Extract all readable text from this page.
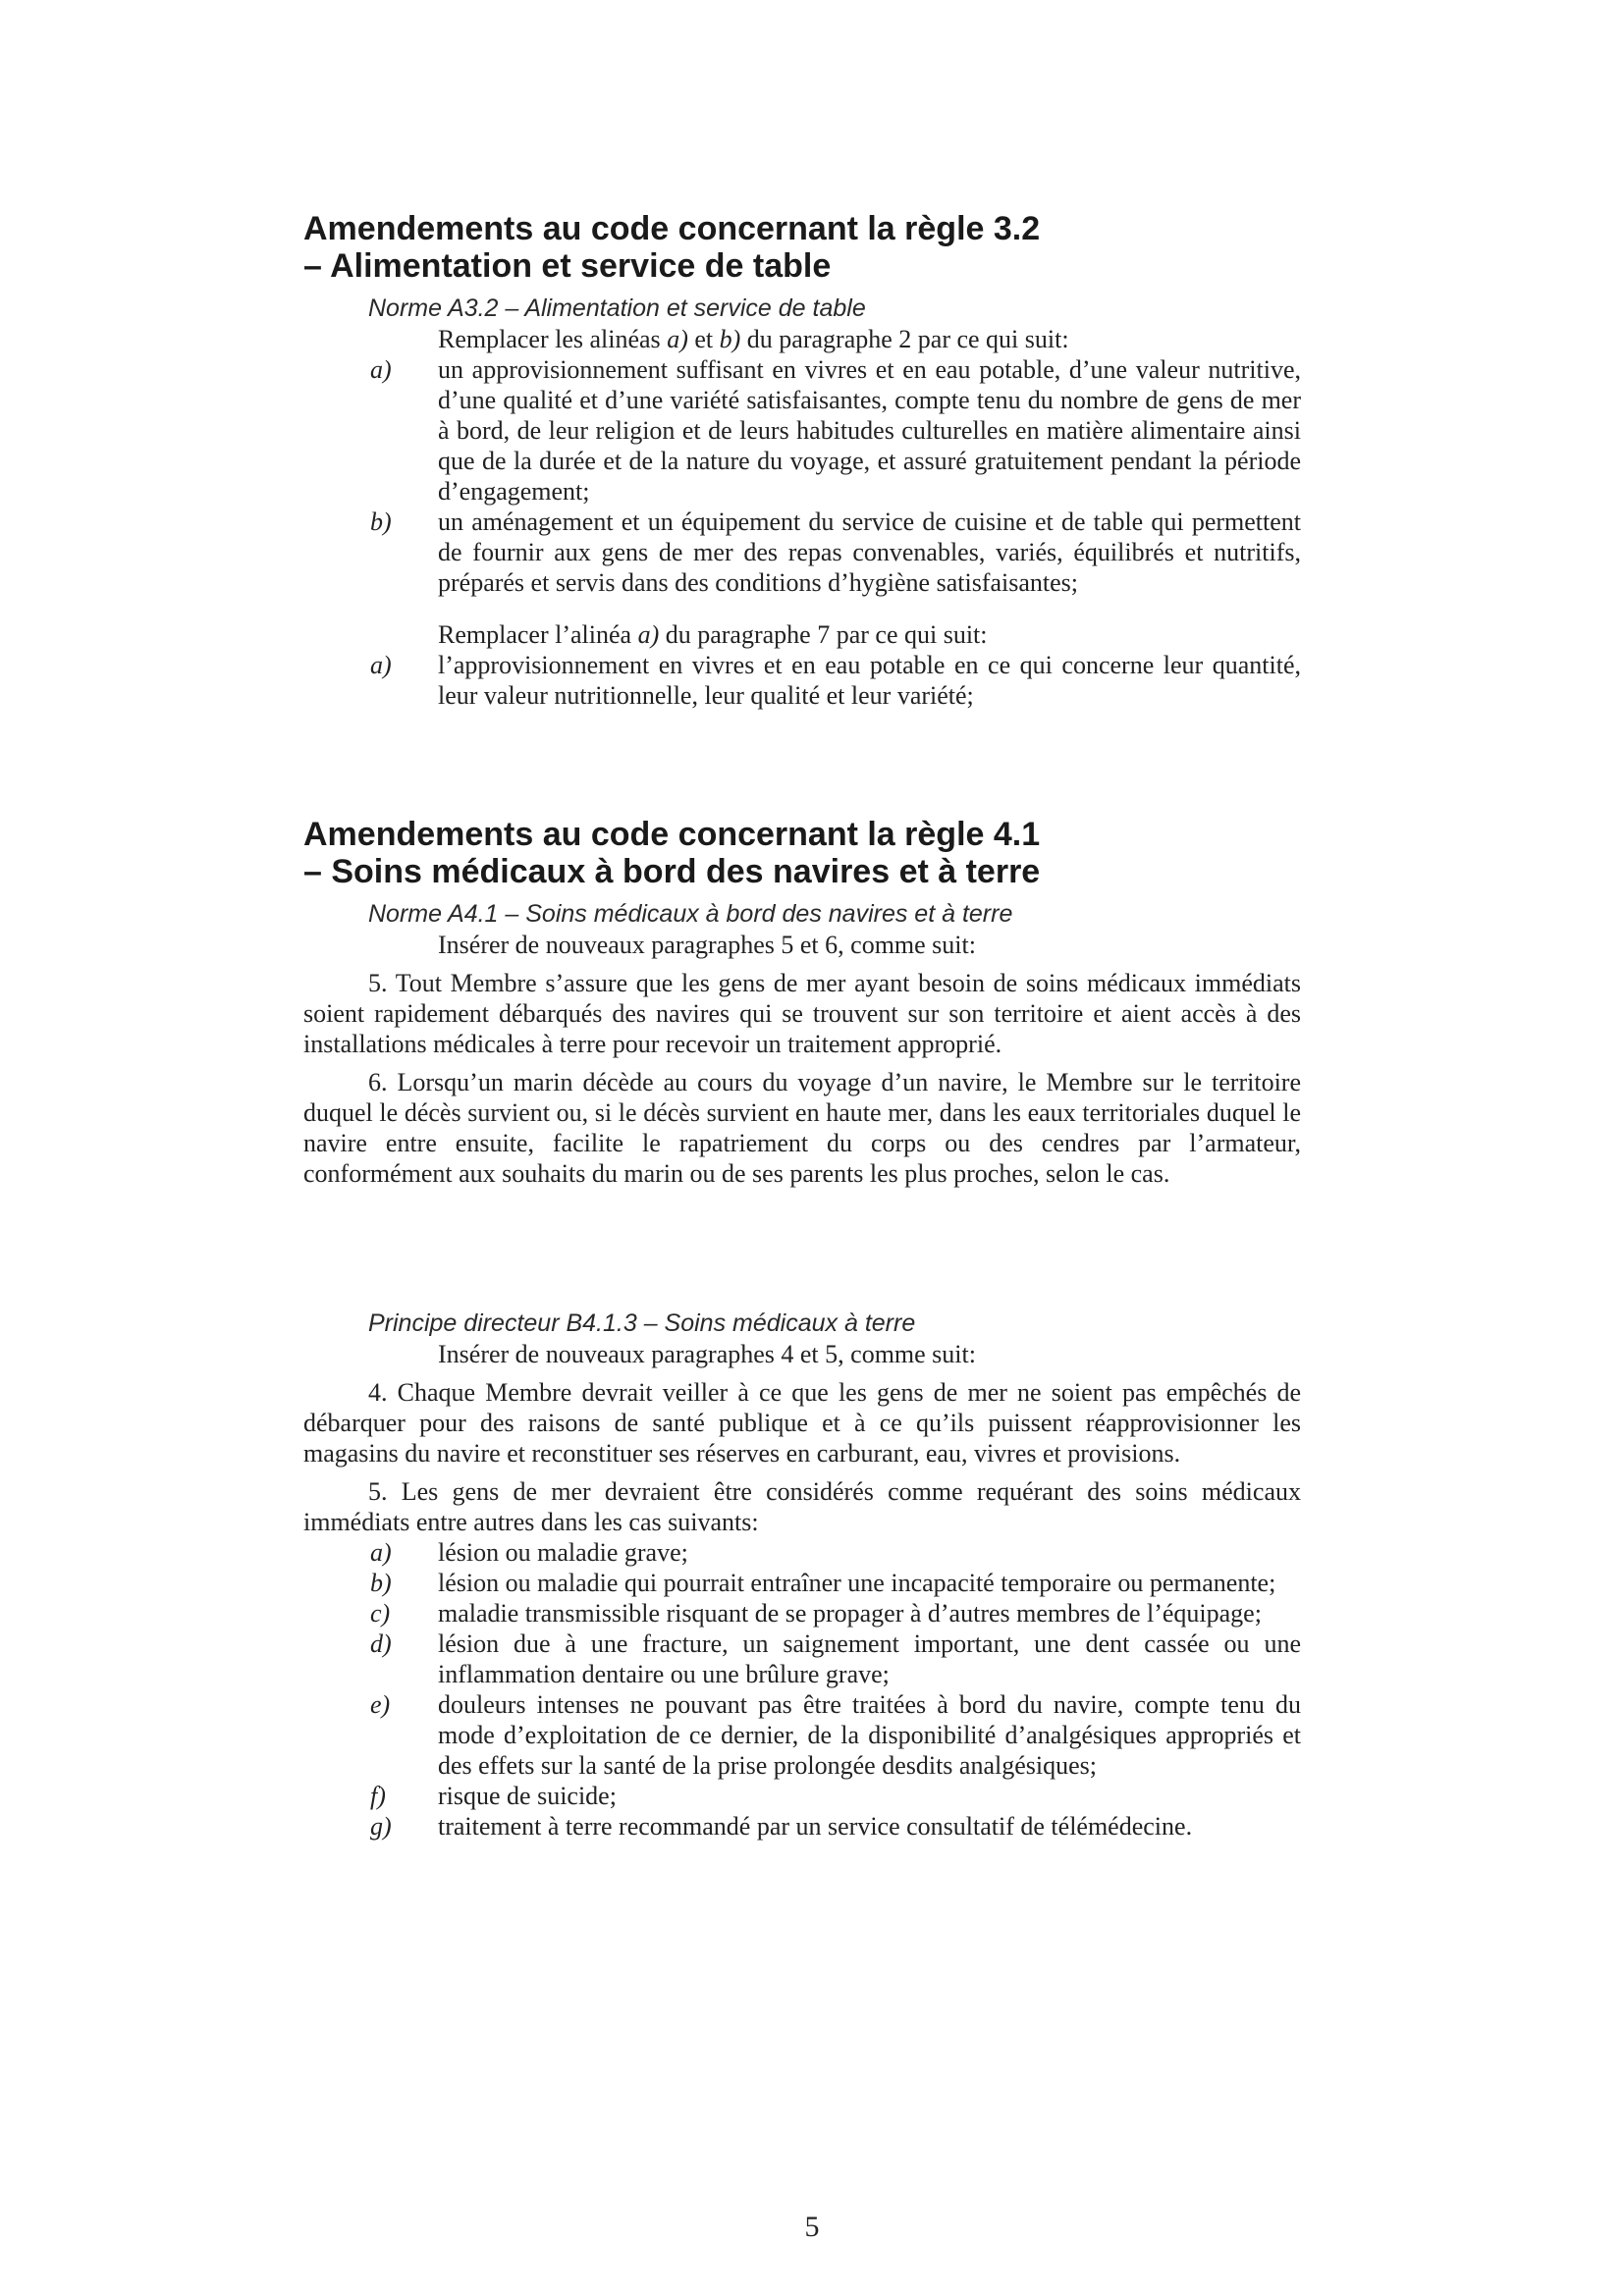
Amendements au code concernant la règle 3.2
– Alimentation et service de table
Norme A3.2 – Alimentation et service de table
Remplacer les alinéas a) et b) du paragraphe 2 par ce qui suit:
a) un approvisionnement suffisant en vivres et en eau potable, d’une valeur nutritive, d’une qualité et d’une variété satisfaisantes, compte tenu du nombre de gens de mer à bord, de leur religion et de leurs habitudes culturelles en matière alimentaire ainsi que de la durée et de la nature du voyage, et assuré gratuitement pendant la période d’engagement;
b) un aménagement et un équipement du service de cuisine et de table qui permettent de fournir aux gens de mer des repas convenables, variés, équilibrés et nutritifs, préparés et servis dans des conditions d’hygiène satisfaisantes;
Remplacer l’alinéa a) du paragraphe 7 par ce qui suit:
a) l’approvisionnement en vivres et en eau potable en ce qui concerne leur quantité, leur valeur nutritionnelle, leur qualité et leur variété;
Amendements au code concernant la règle 4.1
– Soins médicaux à bord des navires et à terre
Norme A4.1 – Soins médicaux à bord des navires et à terre
Insérer de nouveaux paragraphes 5 et 6, comme suit:
5. Tout Membre s’assure que les gens de mer ayant besoin de soins médicaux immédiats soient rapidement débarqués des navires qui se trouvent sur son territoire et aient accès à des installations médicales à terre pour recevoir un traitement approprié.
6. Lorsqu’un marin décède au cours du voyage d’un navire, le Membre sur le territoire duquel le décès survient ou, si le décès survient en haute mer, dans les eaux territoriales duquel le navire entre ensuite, facilite le rapatriement du corps ou des cendres par l’armateur, conformément aux souhaits du marin ou de ses parents les plus proches, selon le cas.
Principe directeur B4.1.3 – Soins médicaux à terre
Insérer de nouveaux paragraphes 4 et 5, comme suit:
4. Chaque Membre devrait veiller à ce que les gens de mer ne soient pas empêchés de débarquer pour des raisons de santé publique et à ce qu’ils puissent réapprovisionner les magasins du navire et reconstituer ses réserves en carburant, eau, vivres et provisions.
5. Les gens de mer devraient être considérés comme requérant des soins médicaux immédiats entre autres dans les cas suivants:
a) lésion ou maladie grave;
b) lésion ou maladie qui pourrait entraîner une incapacité temporaire ou permanente;
c) maladie transmissible risquant de se propager à d’autres membres de l’équipage;
d) lésion due à une fracture, un saignement important, une dent cassée ou une inflammation dentaire ou une brûlure grave;
e) douleurs intenses ne pouvant pas être traitées à bord du navire, compte tenu du mode d’exploitation de ce dernier, de la disponibilité d’analgésiques appropriés et des effets sur la santé de la prise prolongée desdits analgésiques;
f) risque de suicide;
g) traitement à terre recommandé par un service consultatif de télémédecine.
5
